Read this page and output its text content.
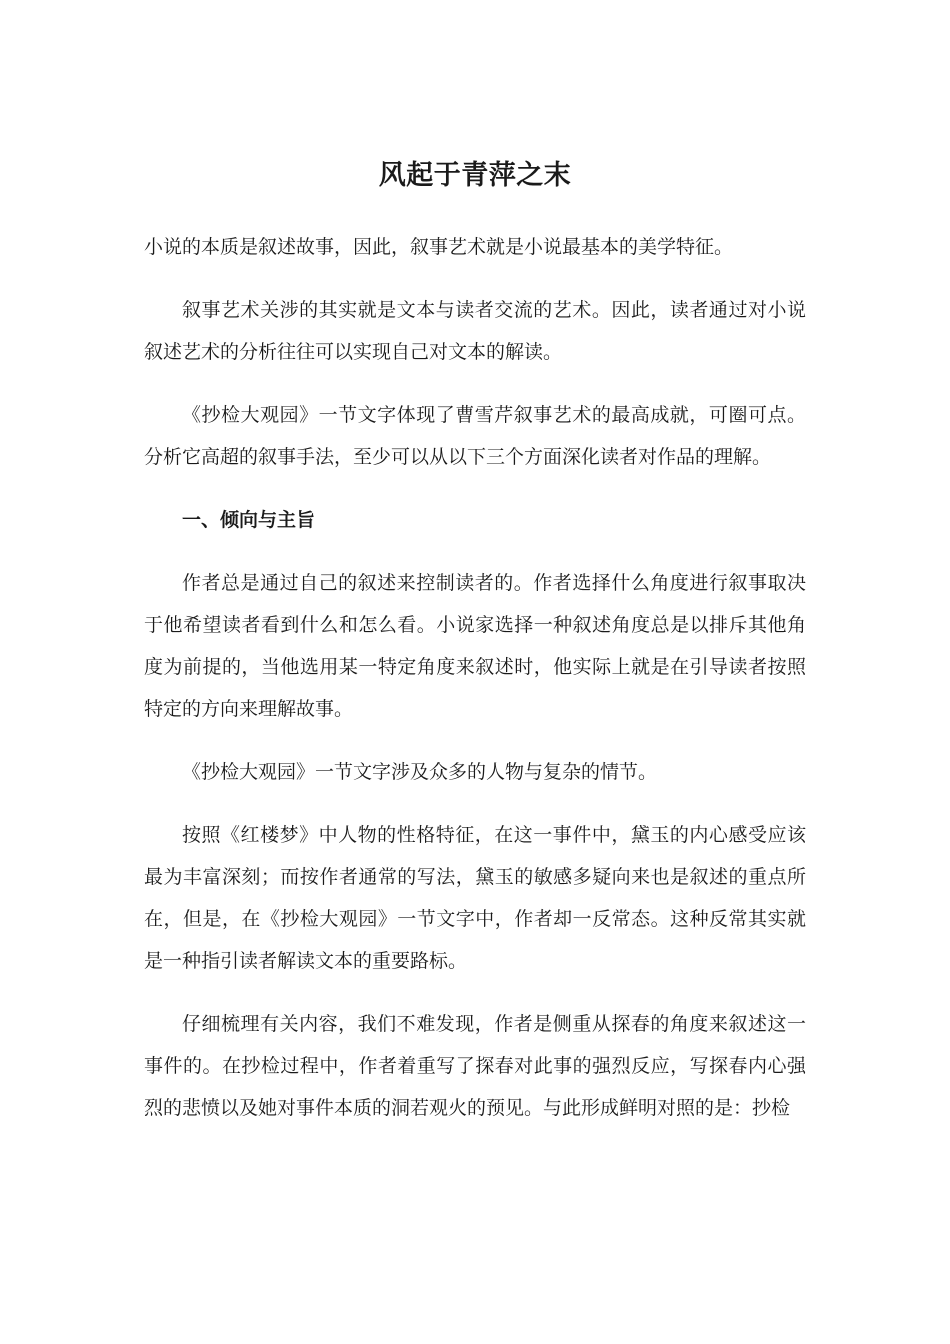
风起于青萍之末

小说的本质是叙述故事，因此，叙事艺术就是小说最基本的美学特征。

叙事艺术关涉的其实就是文本与读者交流的艺术。因此，读者通过对小说叙述艺术的分析往往可以实现自己对文本的解读。

《抄检大观园》一节文字体现了曹雪芹叙事艺术的最高成就，可圈可点。分析它高超的叙事手法，至少可以从以下三个方面深化读者对作品的理解。

一、倾向与主旨

作者总是通过自己的叙述来控制读者的。作者选择什么角度进行叙事取决于他希望读者看到什么和怎么看。小说家选择一种叙述角度总是以排斥其他角度为前提的，当他选用某一特定角度来叙述时，他实际上就是在引导读者按照特定的方向来理解故事。

《抄检大观园》一节文字涉及众多的人物与复杂的情节。

按照《红楼梦》中人物的性格特征，在这一事件中，黛玉的内心感受应该最为丰富深刻；而按作者通常的写法，黛玉的敏感多疑向来也是叙述的重点所在，但是，在《抄检大观园》一节文字中，作者却一反常态。这种反常其实就是一种指引读者解读文本的重要路标。

仔细梳理有关内容，我们不难发现，作者是侧重从探春的角度来叙述这一事件的。在抄检过程中，作者着重写了探春对此事的强烈反应，写探春内心强烈的悲愤以及她对事件本质的洞若观火的预见。与此形成鲜明对照的是：抄检
